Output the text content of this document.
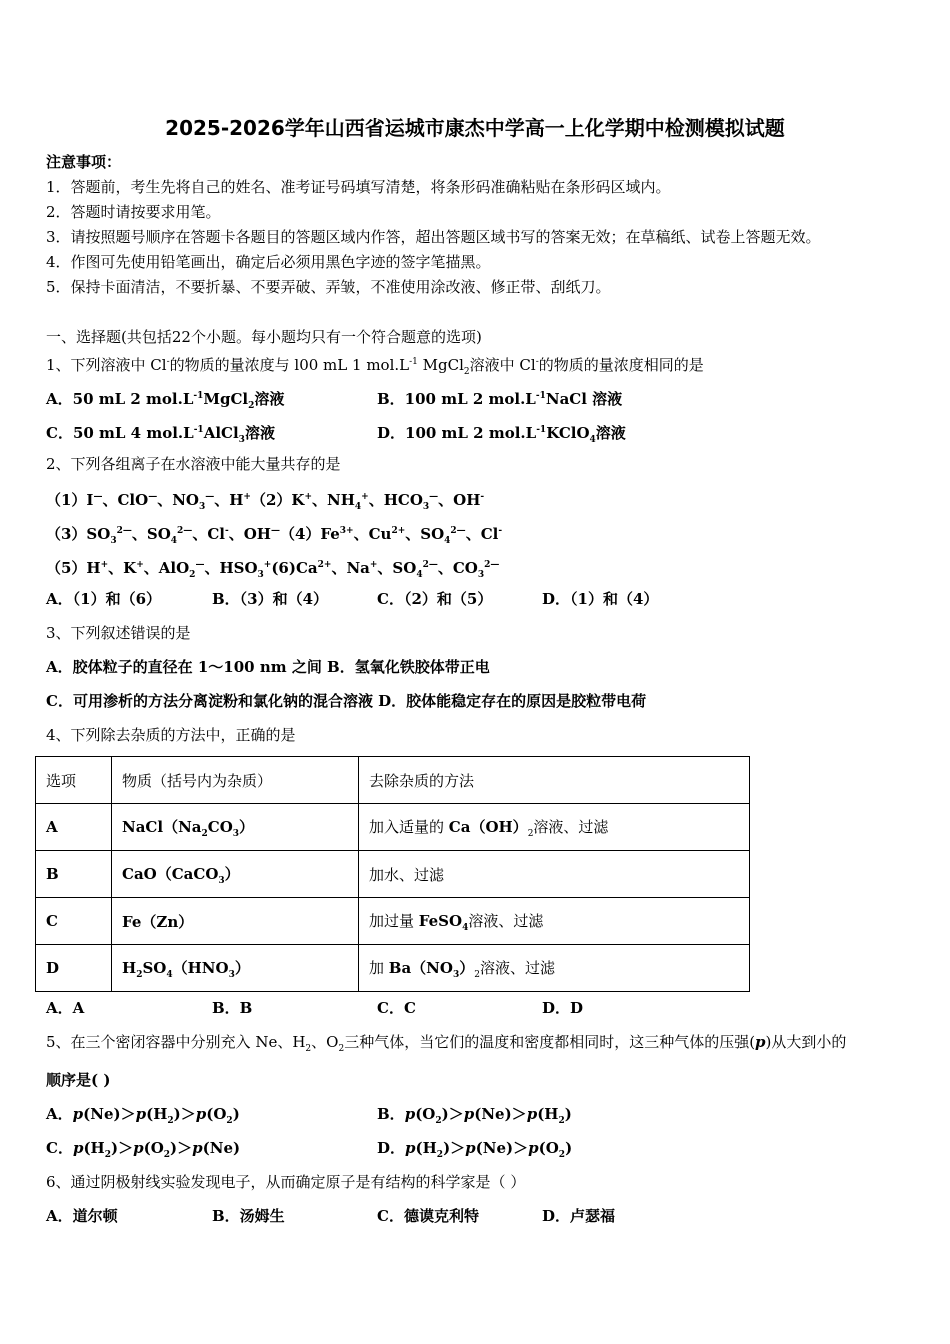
2025-2026学年山西省运城市康杰中学高一上化学期中检测模拟试题
注意事项：
1．答题前，考生先将自己的姓名、准考证号码填写清楚，将条形码准确粘贴在条形码区域内。
2．答题时请按要求用笔。
3．请按照题号顺序在答题卡各题目的答题区域内作答，超出答题区域书写的答案无效；在草稿纸、试卷上答题无效。
4．作图可先使用铅笔画出，确定后必须用黑色字迹的签字笔描黑。
5．保持卡面清洁，不要折暴、不要弄破、弄皱，不准使用涂改液、修正带、刮纸刀。
一、选择题(共包括22个小题。每小题均只有一个符合题意的选项)
1、下列溶液中 Cl-的物质的量浓度与 l00 mL 1 $mol.L^{-1}$ MgCl$_2$溶液中 Cl-的物质的量浓度相同的是
A．50 mL 2 $mol.L^{-1}MgCl_2$溶液	B．100 mL 2 $mol.L^{-1}NaCl$ 溶液
C．50 mL 4 $mol.L^{-1}AlCl_3$溶液	D．100 mL 2 $mol.L^{-1}KClO_4$溶液
2、下列各组离子在水溶液中能大量共存的是
（1）I—、ClO—、$NO_3^—$、H+（2）K+、$NH_4^+$、$HCO_3^—$、OH-
$(3)SO_3^{2—}$、$SO_4^{2—}$、Cl-、$OH^—(4)Fe^{3+}$、$Cu^{2+}$、$SO_4^{2—}$、Cl-
（5）H+、K+、AlO$_2$—、$HSO_3^+(6)Ca^{2+}$、Na+、$SO_4^{2—}$、$CO_3^{2—}$
A．（1）和（6）	B．（3）和（4）	C．（2）和（5）	D．（1）和（4）
3、下列叙述错误的是
A．胶体粒子的直径在 1～100 nm 之间 B．氢氧化铁胶体带正电
C．可用渗析的方法分离淀粉和氯化钠的混合溶液 D．胶体能稳定存在的原因是胶粒带电荷
4、下列除去杂质的方法中，正确的是
选项	物质（括号内为杂质）	去除杂质的方法
A	$NaCl(Na_2CO_3)$	加入适量的 $Ca(OH)_2$溶液、过滤
B	CaO（CaCO$_3$）	加水、过滤
C	Fe（Zn）	加过量 FeSO$_4$溶液、过滤
D	$H_2SO_4(HNO_3)$	加 $Ba(NO_3)_2$溶液、过滤
A．A	B．B	C．C	D．D
5、在三个密闭容器中分别充入 Ne、$H_2$、$O_2$三种气体，当它们的温度和密度都相同时，这三种气体的压强(p)从大到小的
顺序是( )
A．$p(Ne)>p(H_2)>p(O_2)$	B．$p(O_2)>p(Ne)>p(H_2)$
C．$p(H_2)>p(O_2)>p(Ne)$	D．$p(H_2)>p(Ne)>p(O_2)$
6、通过阴极射线实验发现电子，从而确定原子是有结构的科学家是（ ）
A．道尔顿	B．汤姆生	C．德谟克利特	D．卢瑟福
